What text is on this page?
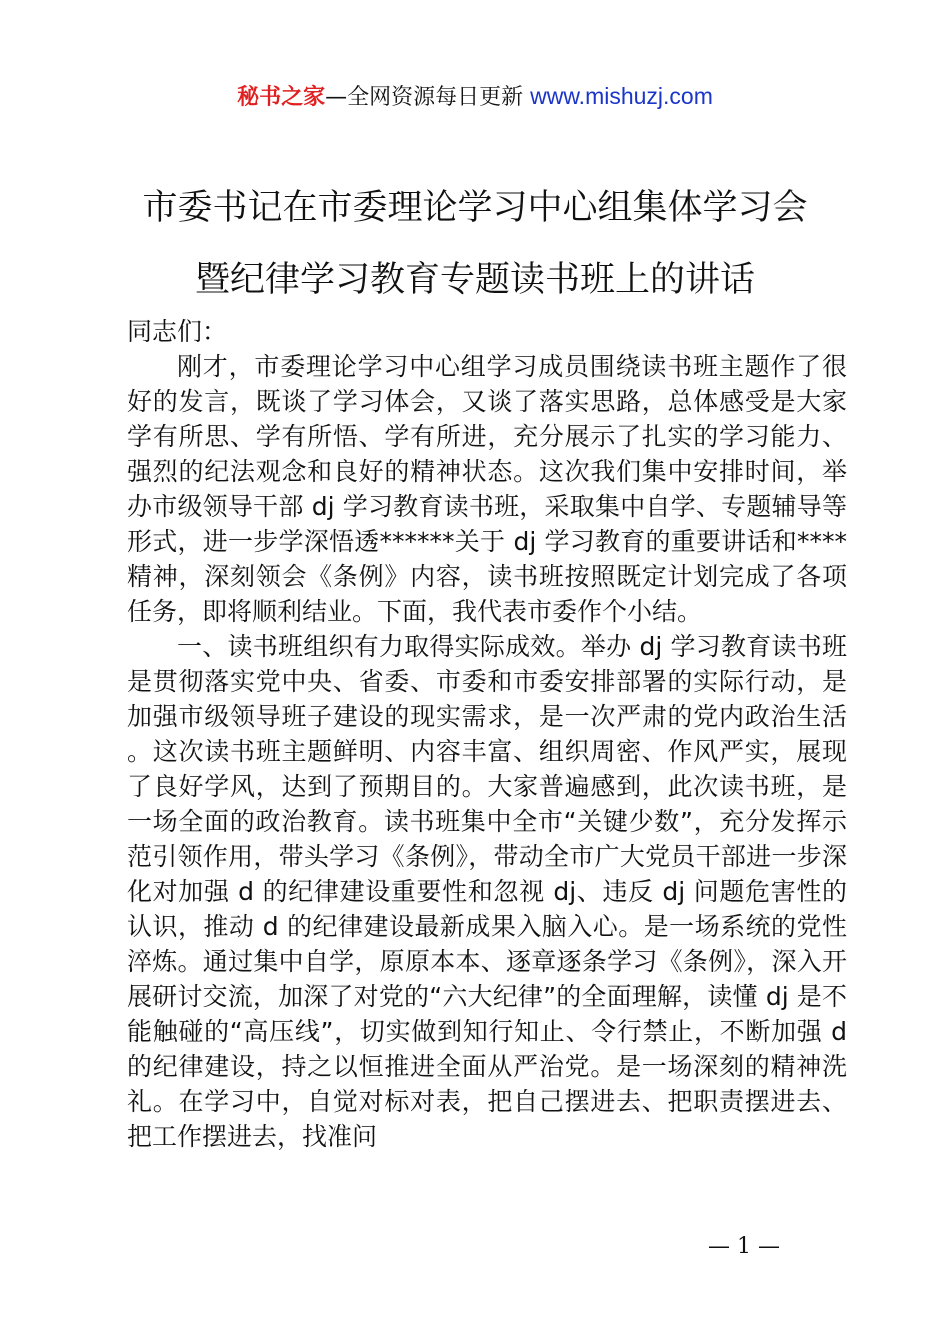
秘书之家—全网资源每日更新 www.mishuzj.com
市委书记在市委理论学习中心组集体学习会
暨纪律学习教育专题读书班上的讲话

同志们：

刚才，市委理论学习中心组学习成员围绕读书班主题作了很好的发言，既谈了学习体会，又谈了落实思路，总体感受是大家学有所思、学有所悟、学有所进，充分展示了扎实的学习能力、强烈的纪法观念和良好的精神状态。这次我们集中安排时间，举办市级领导干部 dj 学习教育读书班，采取集中自学、专题辅导等形式，进一步学深悟透******关于 dj 学习教育的重要讲话和****精神，深刻领会《条例》内容，读书班按照既定计划完成了各项任务，即将顺利结业。下面，我代表市委作个小结。

一、读书班组织有力取得实际成效。举办 dj 学习教育读书班是贯彻落实党中央、省委、市委和市委安排部署的实际行动，是加强市级领导班子建设的现实需求，是一次严肃的党内政治生活。这次读书班主题鲜明、内容丰富、组织周密、作风严实，展现了良好学风，达到了预期目的。大家普遍感到，此次读书班，是一场全面的政治教育。读书班集中全市“关键少数”，充分发挥示范引领作用，带头学习《条例》，带动全市广大党员干部进一步深化对加强 d 的纪律建设重要性和忽视 dj、违反 dj 问题危害性的认识，推动 d 的纪律建设最新成果入脑入心。是一场系统的党性淬炼。通过集中自学，原原本本、逐章逐条学习《条例》，深入开展研讨交流，加深了对党的“六大纪律”的全面理解，读懂 dj 是不能触碰的“高压线”，切实做到知行知止、令行禁止，不断加强 d 的纪律建设，持之以恒推进全面从严治党。是一场深刻的精神洗礼。在学习中，自觉对标对表，把自己摆进去、把职责摆进去、把工作摆进去，找准问

— 1 —
